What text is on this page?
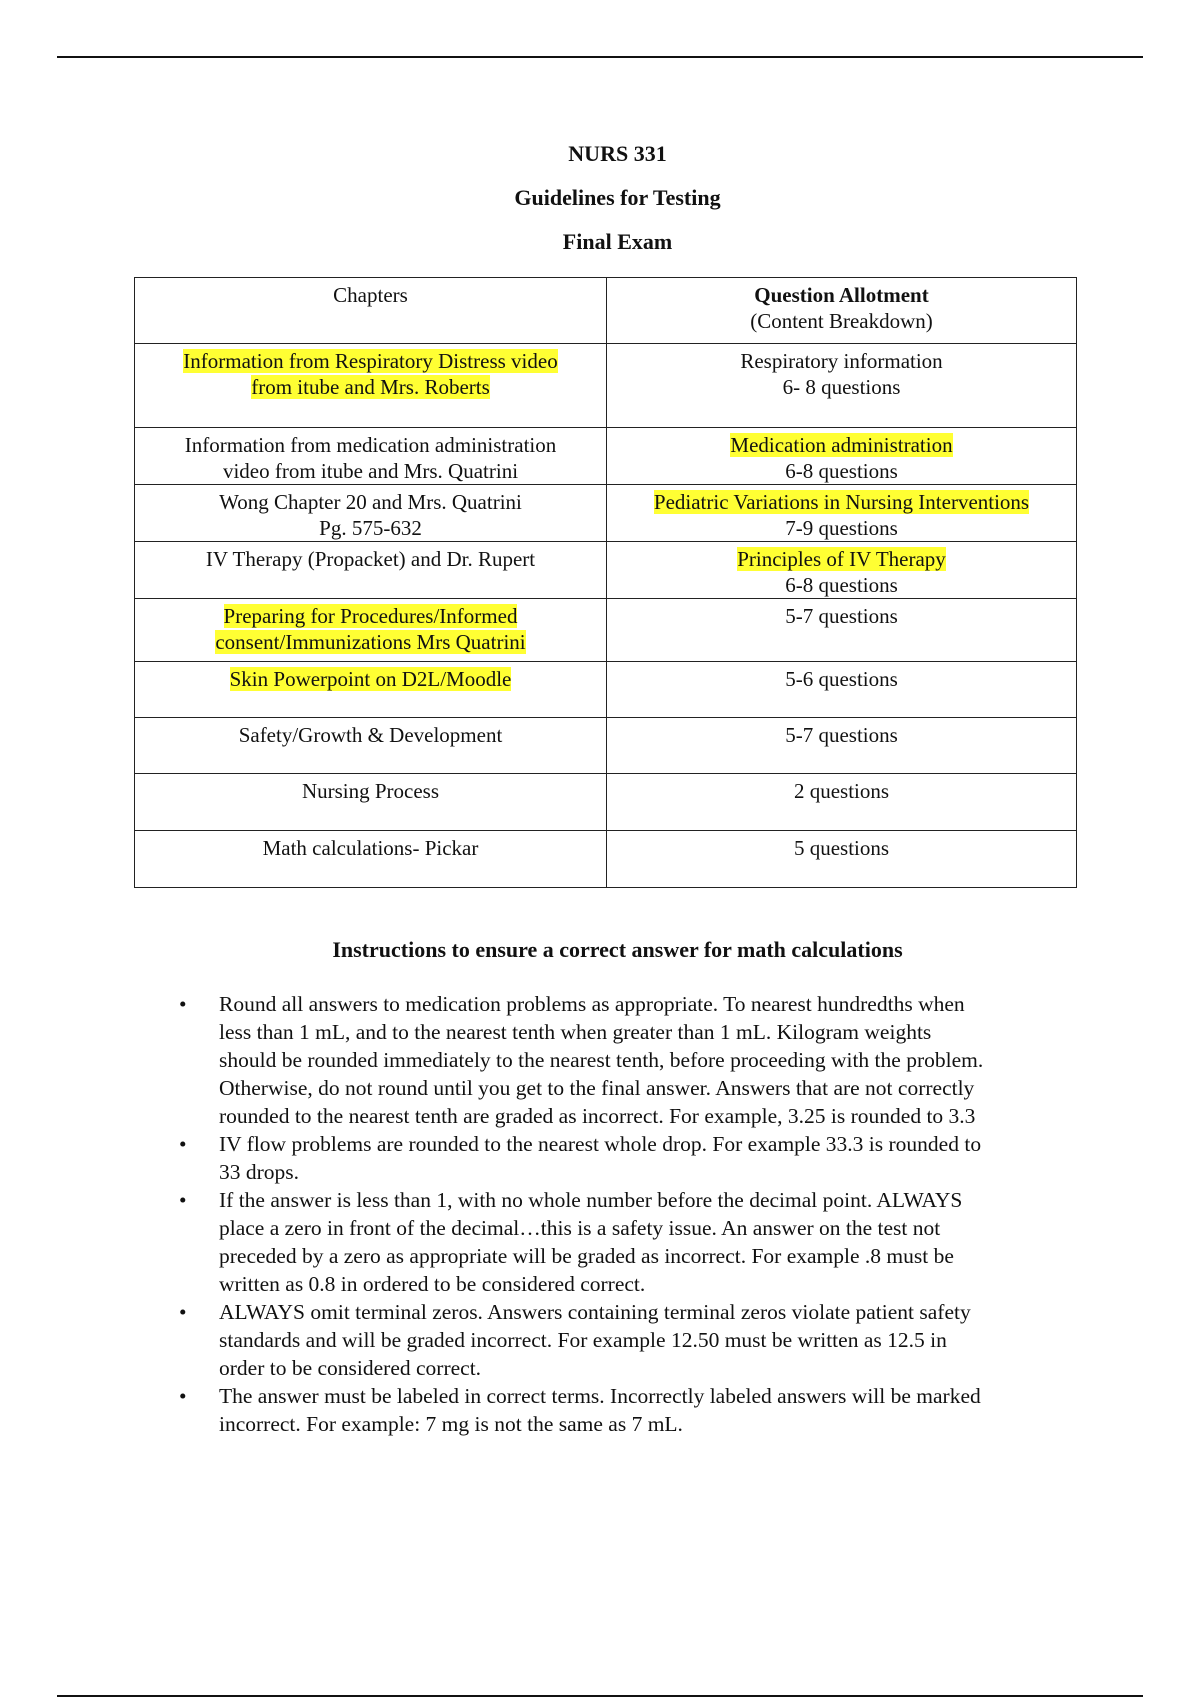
NURS 331
Guidelines for Testing
Final Exam
Chapters	Question Allotment
(Content Breakdown)
Information from Respiratory Distress video
from itube and Mrs. Roberts	Respiratory information
6- 8 questions
Information from medication administration
video from itube and Mrs. Quatrini	Medication administration
6-8 questions
Wong Chapter 20 and Mrs. Quatrini
Pg. 575-632	Pediatric Variations in Nursing Interventions
7-9 questions
IV Therapy (Propacket) and Dr. Rupert	Principles of IV Therapy
6-8 questions
Preparing for Procedures/Informed
consent/Immunizations Mrs Quatrini	5-7 questions
Skin Powerpoint on D2L/Moodle	5-6 questions
Safety/Growth & Development	5-7 questions
Nursing Process	2 questions
Math calculations- Pickar	5 questions
Instructions to ensure a correct answer for math calculations
• Round all answers to medication problems as appropriate. To nearest hundredths when
less than 1 mL, and to the nearest tenth when greater than 1 mL. Kilogram weights
should be rounded immediately to the nearest tenth, before proceeding with the problem.
Otherwise, do not round until you get to the final answer. Answers that are not correctly
rounded to the nearest tenth are graded as incorrect. For example, 3.25 is rounded to 3.3
• IV flow problems are rounded to the nearest whole drop. For example 33.3 is rounded to
33 drops.
• If the answer is less than 1, with no whole number before the decimal point. ALWAYS
place a zero in front of the decimal…this is a safety issue. An answer on the test not
preceded by a zero as appropriate will be graded as incorrect. For example .8 must be
written as 0.8 in ordered to be considered correct.
• ALWAYS omit terminal zeros. Answers containing terminal zeros violate patient safety
standards and will be graded incorrect. For example 12.50 must be written as 12.5 in
order to be considered correct.
• The answer must be labeled in correct terms. Incorrectly labeled answers will be marked
incorrect. For example: 7 mg is not the same as 7 mL.
